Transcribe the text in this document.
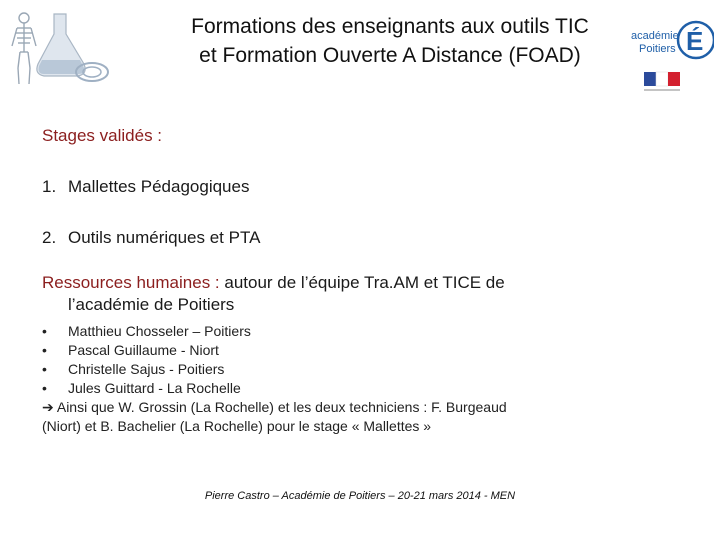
Formations des enseignants aux outils TIC
et Formation Ouverte A Distance (FOAD)
académie
Poitiers É
Stages validés :
1. Mallettes Pédagogiques
2. Outils numériques et PTA
Ressources humaines : autour de l’équipe Tra.AM et TICE de
l’académie de Poitiers
•	Matthieu Chosseler – Poitiers
•	Pascal Guillaume - Niort
•	Christelle Sajus - Poitiers
•	Jules Guittard - La Rochelle
➔ Ainsi que W. Grossin (La Rochelle) et les deux techniciens : F. Burgeaud
(Niort) et B. Bachelier (La Rochelle) pour le stage « Mallettes »
Pierre Castro – Académie de Poitiers – 20-21 mars 2014 - MEN
